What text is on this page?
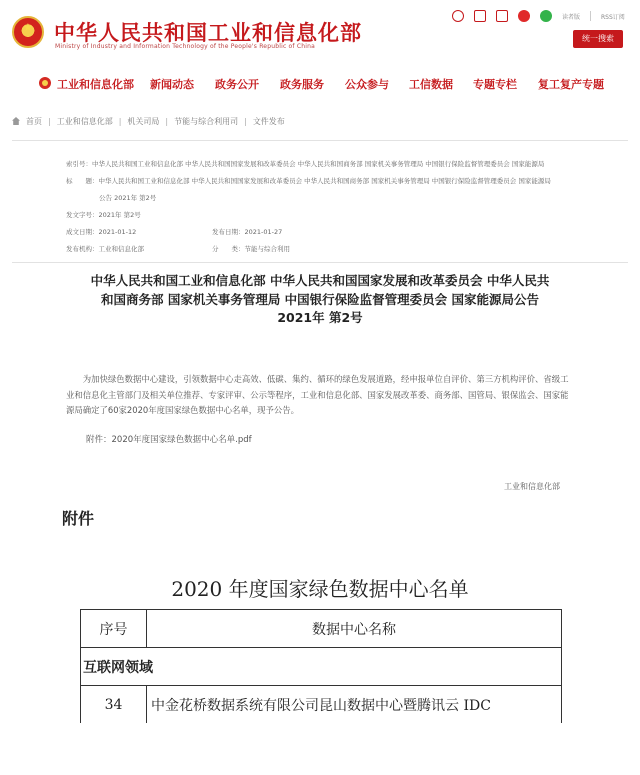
★ 中华人民共和国工业和信息化部
Ministry of Industry and Information Technology of the People's Republic of China
读者版	RSS订阅
统一搜索
工业和信息化部 新闻动态 政务公开 政务服务 公众参与 工信数据 专题专栏 复工复产专题
首页 | 工业和信息化部 | 机关司局 | 节能与综合利用司 | 文件发布
索引号：中华人民共和国工业和信息化部 中华人民共和国国家发展和改革委员会 中华人民共和国商务部 国家机关事务管理局 中国银行保险监督管理委员会 国家能源局
标　　题：中华人民共和国工业和信息化部 中华人民共和国国家发展和改革委员会 中华人民共和国商务部 国家机关事务管理局 中国银行保险监督管理委员会 国家能源局
公告 2021年 第2号
发文字号：2021年 第2号
成文日期：2021-01-12	发布日期：2021-01-27
发布机构：工业和信息化部	分　　类：节能与综合利用
中华人民共和国工业和信息化部 中华人民共和国国家发展和改革委员会 中华人民共
和国商务部 国家机关事务管理局 中国银行保险监督管理委员会 国家能源局公告
2021年 第2号
为加快绿色数据中心建设，引领数据中心走高效、低碳、集约、循环的绿色发展道路，经申报单位自评价、第三方机构评价、省级工业和信息化主管部门及相关单位推荐、专家评审、公示等程序，工业和信息化部、国家发展改革委、商务部、国管局、银保监会、国家能源局确定了60家2020年度国家绿色数据中心名单，现予公告。
附件：2020年度国家绿色数据中心名单.pdf
工业和信息化部
附件
2020 年度国家绿色数据中心名单
序号	数据中心名称
互联网领域
34	中金花桥数据系统有限公司昆山数据中心暨腾讯云 IDC
